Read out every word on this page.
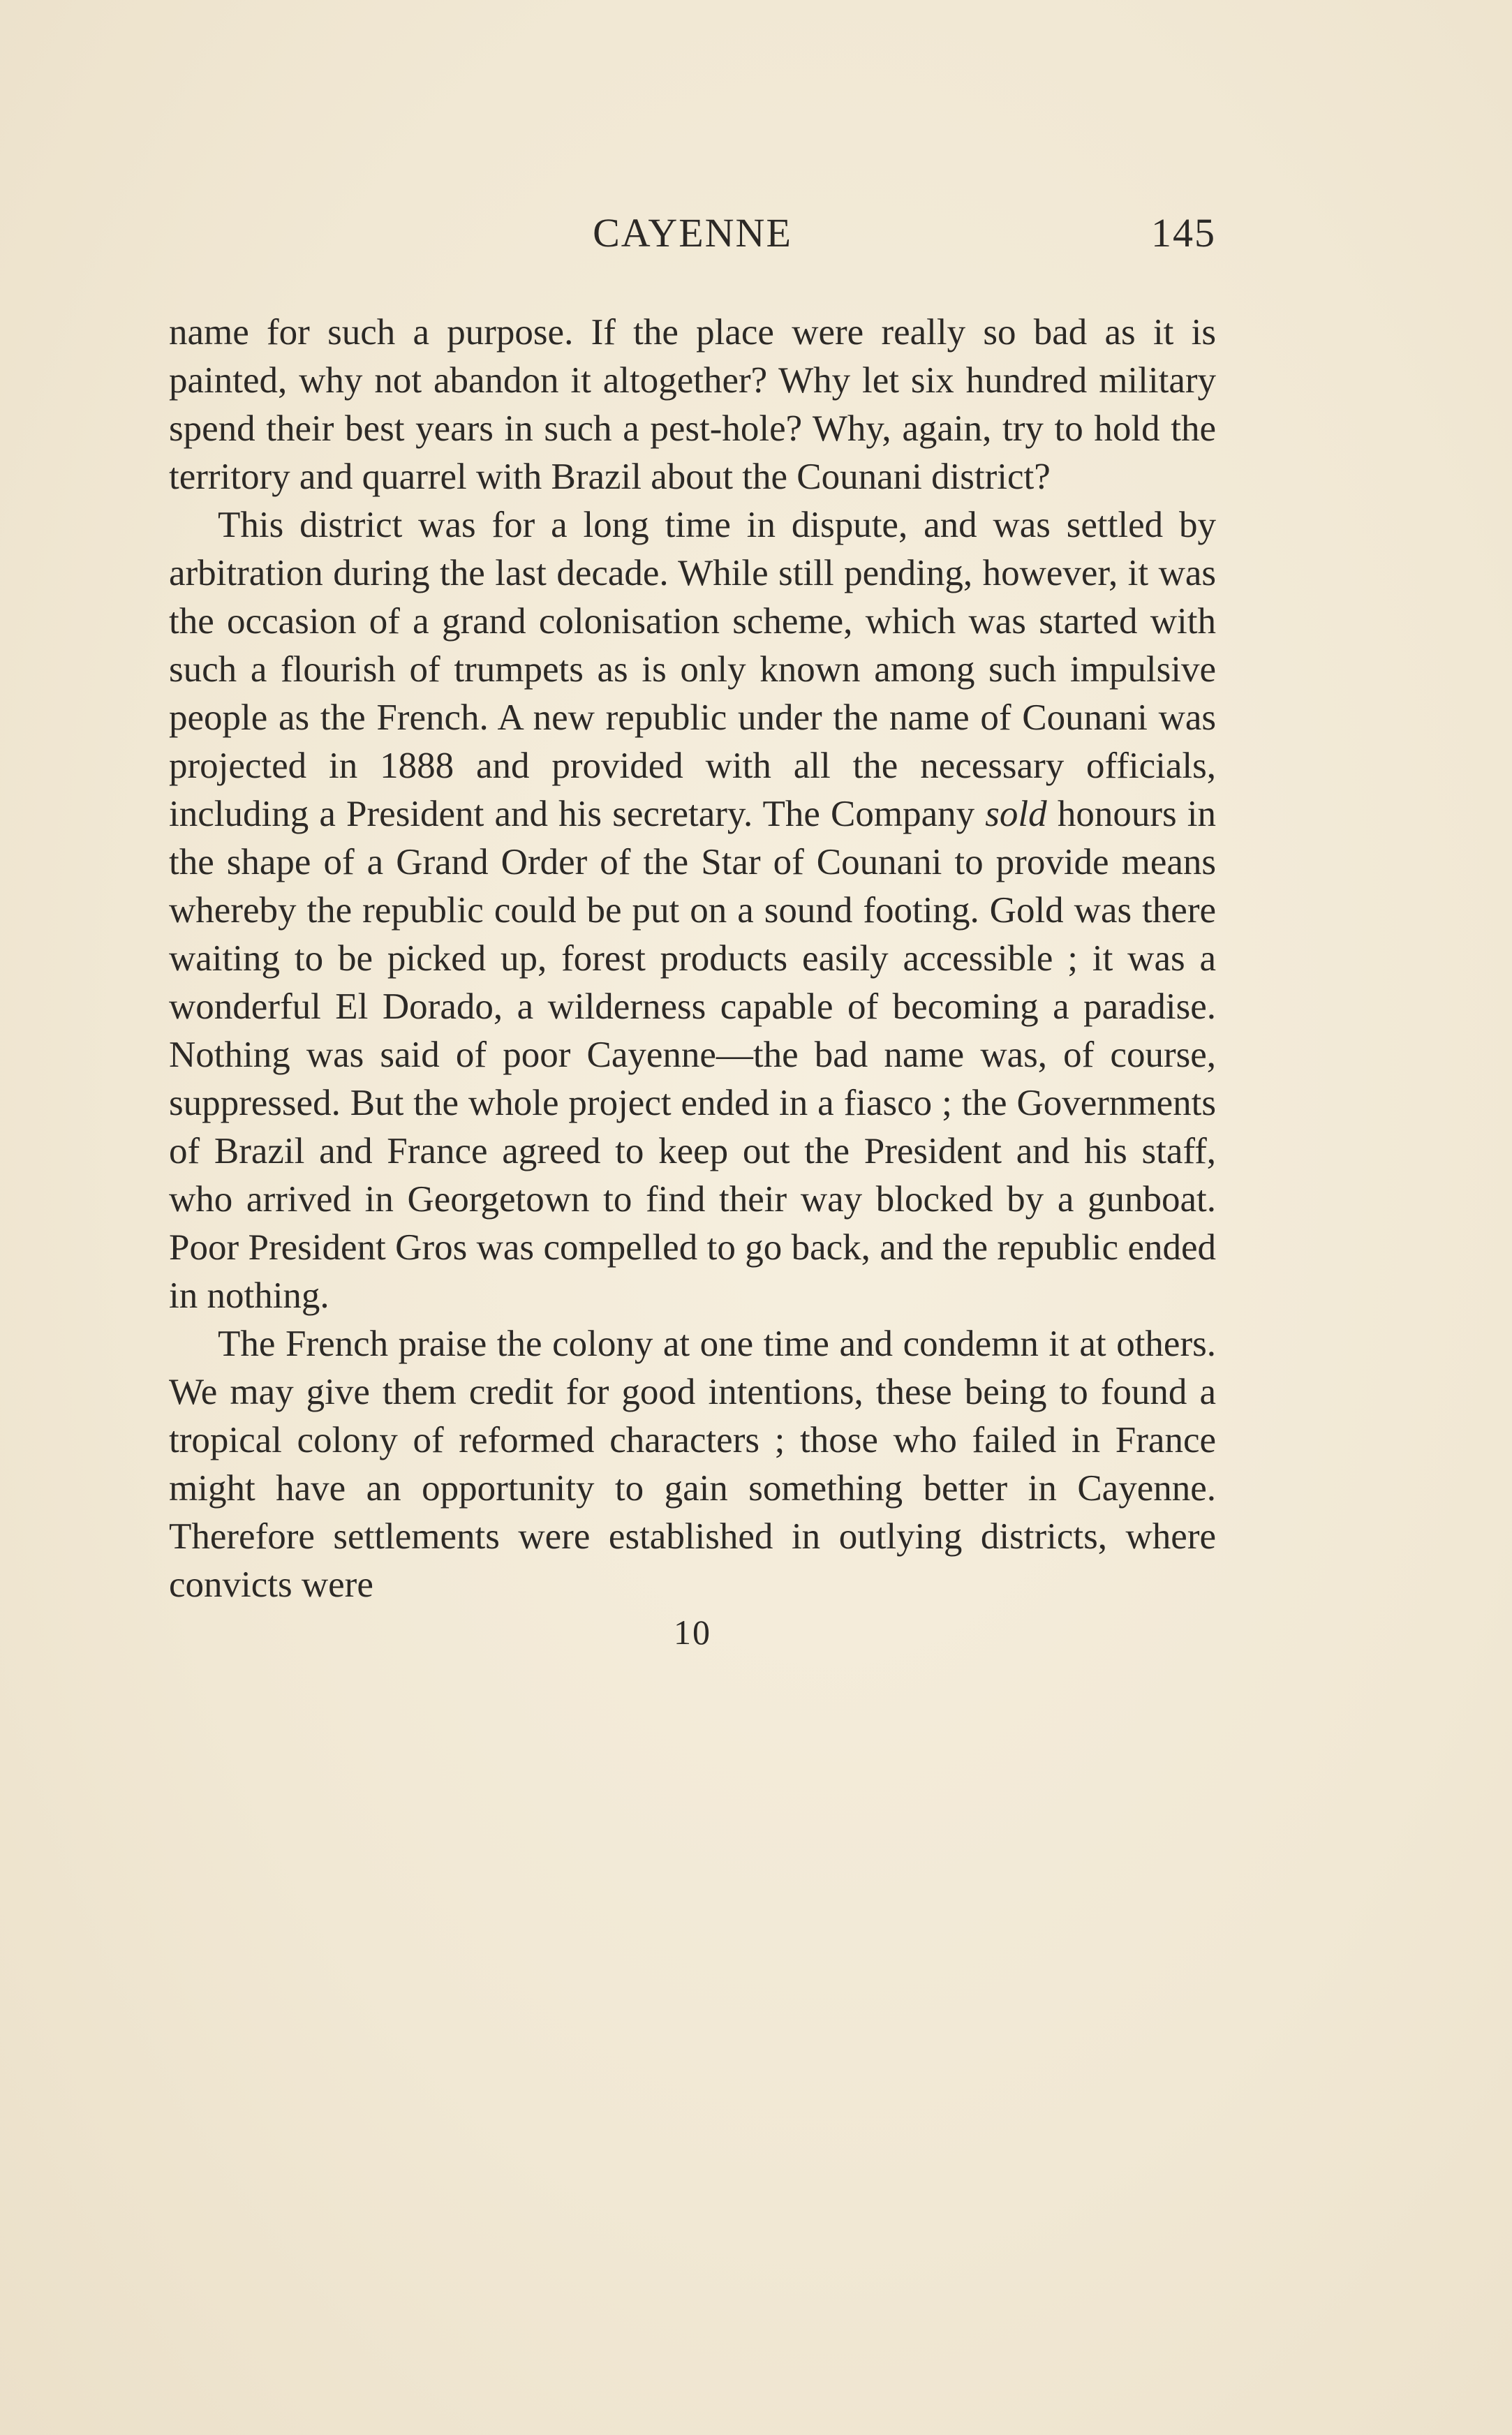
CAYENNE	145

name for such a purpose. If the place were really so bad as it is painted, why not abandon it altogether? Why let six hundred military spend their best years in such a pest-hole? Why, again, try to hold the territory and quarrel with Brazil about the Counani district?

This district was for a long time in dispute, and was settled by arbitration during the last decade. While still pending, however, it was the occasion of a grand colonisation scheme, which was started with such a flourish of trumpets as is only known among such impulsive people as the French. A new republic under the name of Counani was projected in 1888 and provided with all the necessary officials, including a President and his secretary. The Company sold honours in the shape of a Grand Order of the Star of Counani to provide means whereby the republic could be put on a sound footing. Gold was there waiting to be picked up, forest products easily accessible ; it was a wonderful El Dorado, a wilderness capable of becoming a paradise. Nothing was said of poor Cayenne—the bad name was, of course, suppressed. But the whole project ended in a fiasco ; the Governments of Brazil and France agreed to keep out the President and his staff, who arrived in Georgetown to find their way blocked by a gunboat. Poor President Gros was compelled to go back, and the republic ended in nothing.

The French praise the colony at one time and condemn it at others. We may give them credit for good intentions, these being to found a tropical colony of reformed characters ; those who failed in France might have an opportunity to gain something better in Cayenne. Therefore settlements were established in outlying districts, where convicts were

10
